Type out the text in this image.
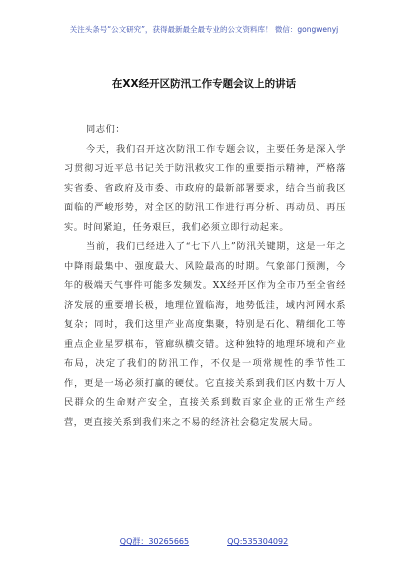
关注头条号“公文研究”，获得最新最全最专业的公文资料库！ 微信：gongwenyj
在XX经开区防汛工作专题会议上的讲话

同志们：

今天，我们召开这次防汛工作专题会议，主要任务是深入学习贯彻习近平总书记关于防汛救灾工作的重要指示精神，严格落实省委、省政府及市委、市政府的最新部署要求，结合当前我区面临的严峻形势，对全区的防汛工作进行再分析、再动员、再压实。时间紧迫，任务艰巨，我们必须立即行动起来。

当前，我们已经进入了“七下八上”防汛关键期，这是一年之中降雨最集中、强度最大、风险最高的时期。气象部门预测，今年的极端天气事件可能多发频发。XX经开区作为全市乃至全省经济发展的重要增长极，地理位置临海，地势低洼，域内河网水系复杂；同时，我们这里产业高度集聚，特别是石化、精细化工等重点企业星罗棋布，管廊纵横交错。这种独特的地理环境和产业布局，决定了我们的防汛工作，不仅是一项常规性的季节性工作，更是一场必须打赢的硬仗。它直接关系到我们区内数十万人民群众的生命财产安全，直接关系到数百家企业的正常生产经营，更直接关系到我们来之不易的经济社会稳定发展大局。

QQ群：30265665	QQ:535304092
